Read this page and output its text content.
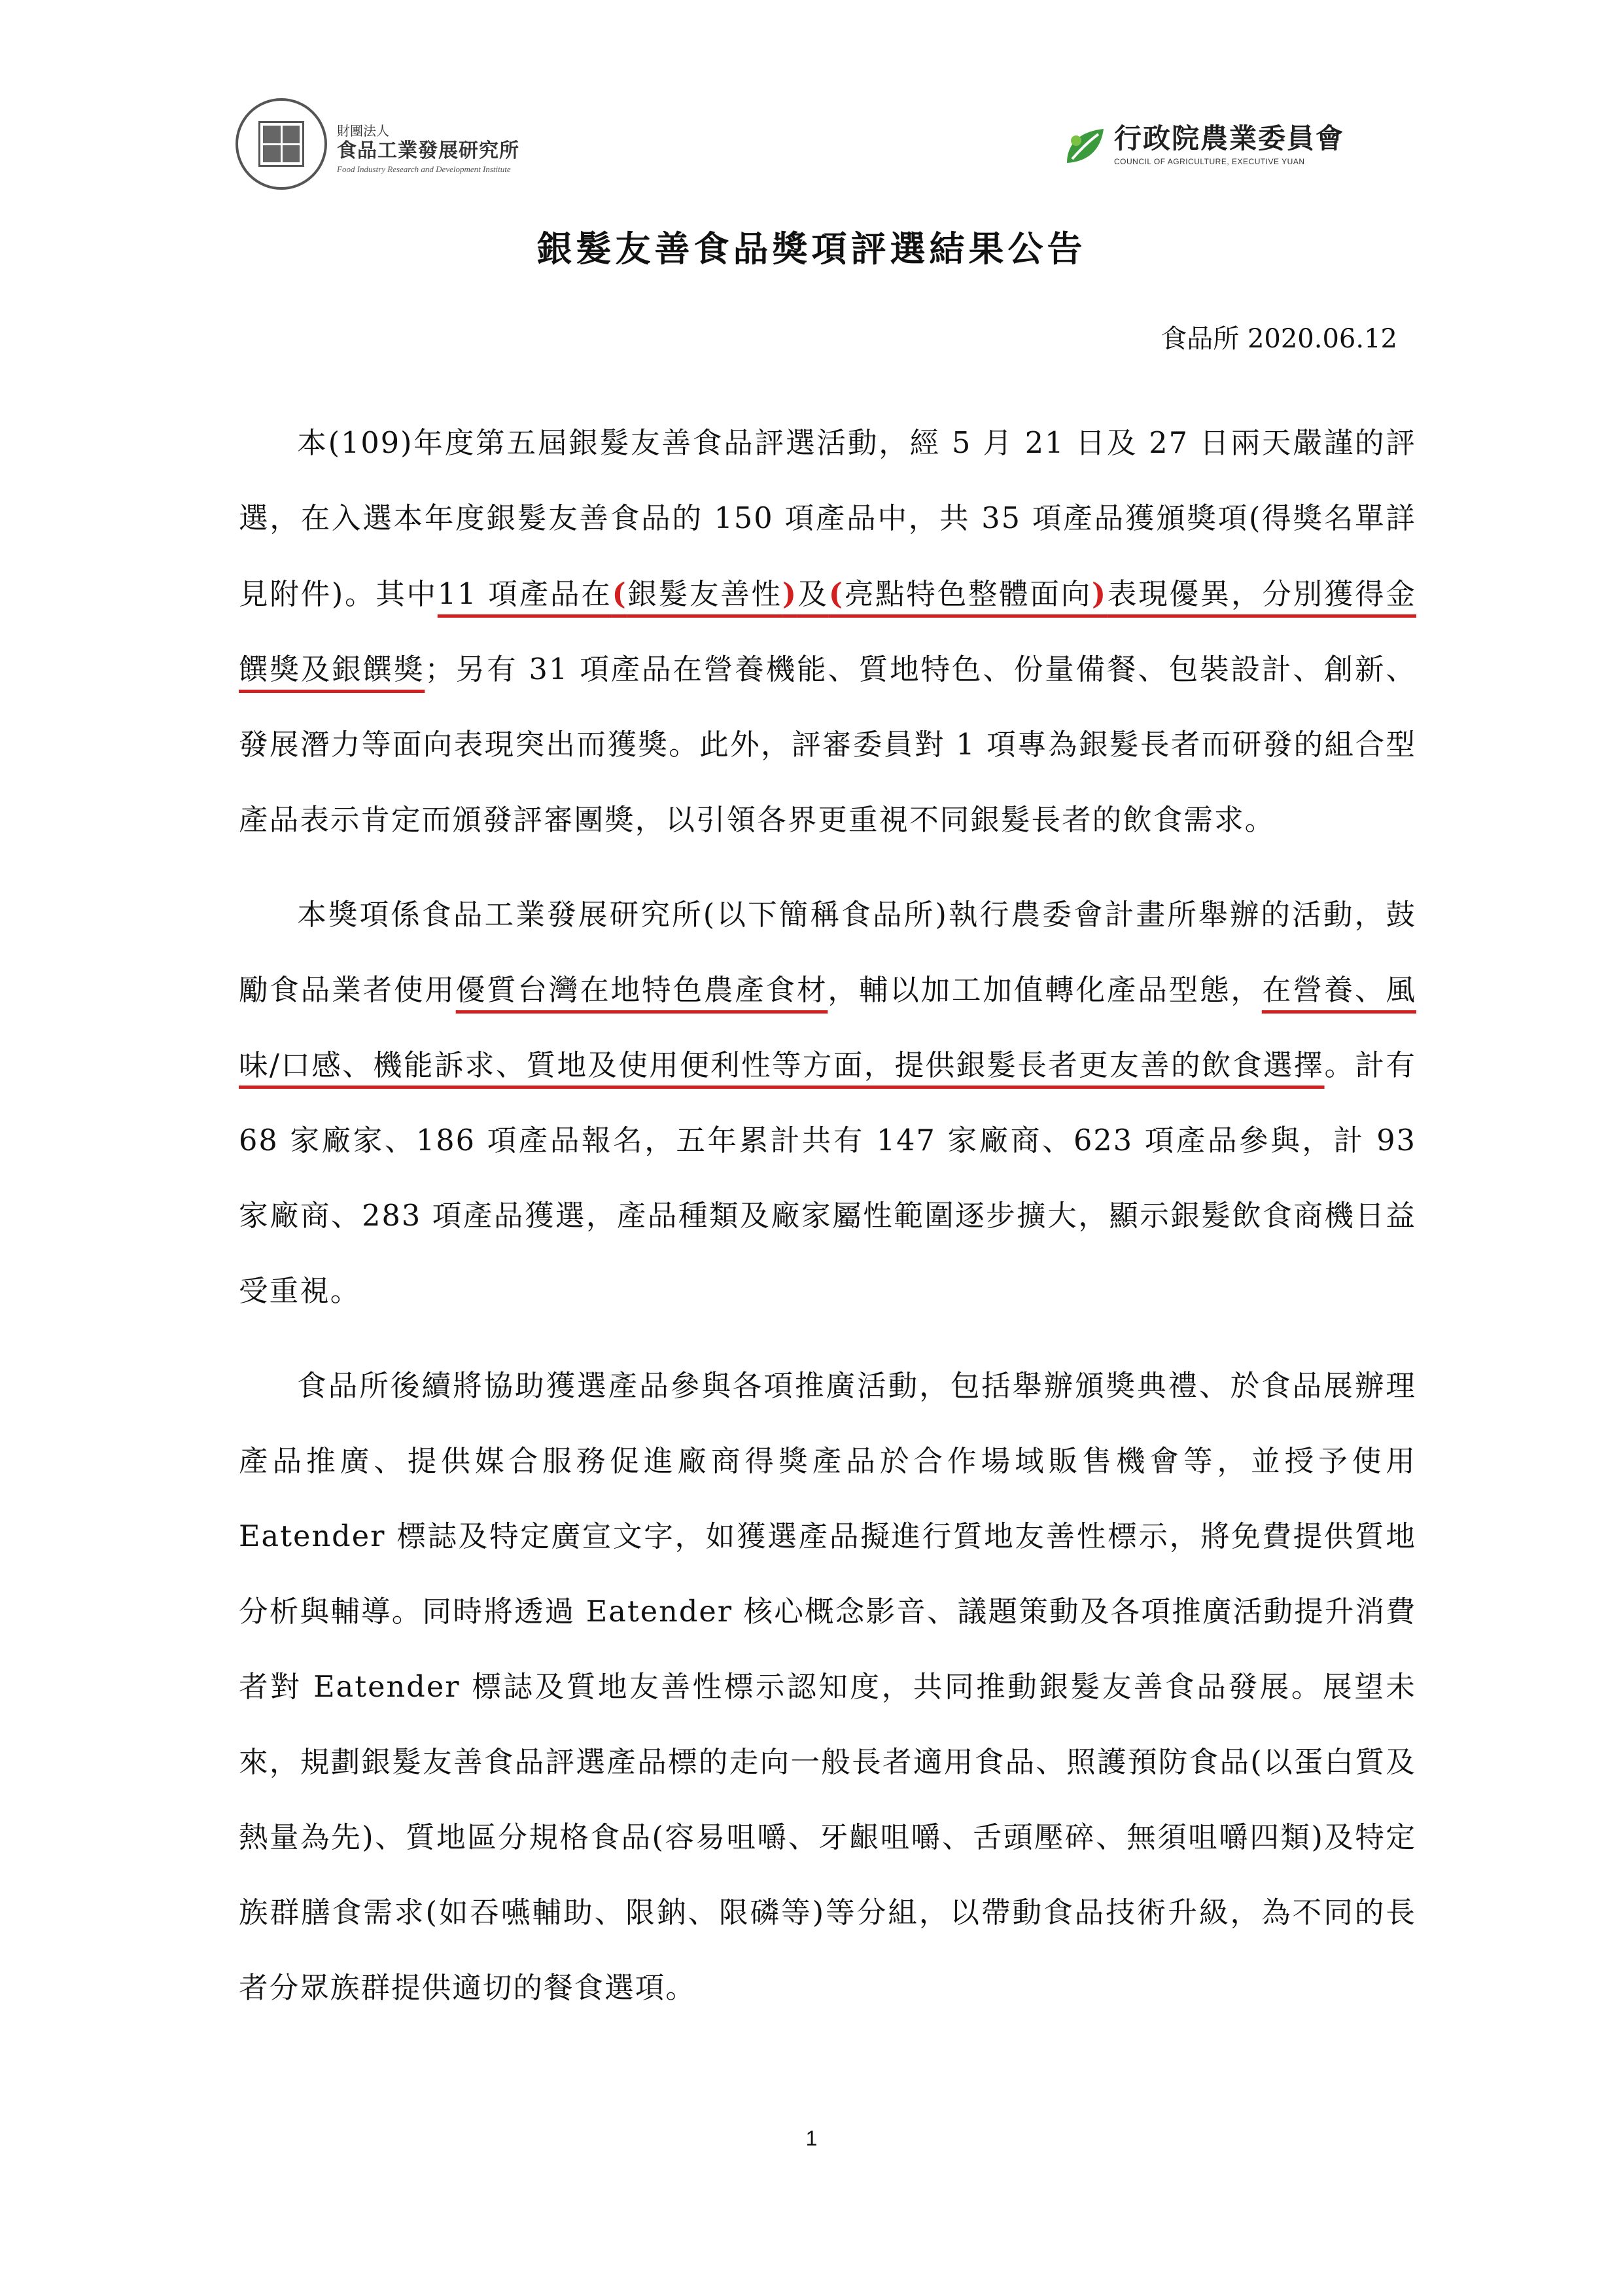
財團法人
食品工業發展研究所
Food Industry Research and Development Institute
行政院農業委員會
COUNCIL OF AGRICULTURE, EXECUTIVE YUAN
銀髮友善食品獎項評選結果公告
食品所 2020.06.12

本(109)年度第五屆銀髮友善食品評選活動，經 5 月 21 日及 27 日兩天嚴謹的評選，在入選本年度銀髮友善食品的 150 項產品中，共 35 項產品獲頒獎項(得獎名單詳見附件)。其中11 項產品在(銀髮友善性)及(亮點特色整體面向)表現優異，分別獲得金饌獎及銀饌獎；另有 31 項產品在營養機能、質地特色、份量備餐、包裝設計、創新、發展潛力等面向表現突出而獲獎。此外，評審委員對 1 項專為銀髮長者而研發的組合型產品表示肯定而頒發評審團獎，以引領各界更重視不同銀髮長者的飲食需求。

本獎項係食品工業發展研究所(以下簡稱食品所)執行農委會計畫所舉辦的活動，鼓勵食品業者使用優質台灣在地特色農產食材，輔以加工加值轉化產品型態，在營養、風味/口感、機能訴求、質地及使用便利性等方面，提供銀髮長者更友善的飲食選擇。計有 68 家廠家、186 項產品報名，五年累計共有 147 家廠商、623 項產品參與，計 93 家廠商、283 項產品獲選，產品種類及廠家屬性範圍逐步擴大，顯示銀髮飲食商機日益受重視。

食品所後續將協助獲選產品參與各項推廣活動，包括舉辦頒獎典禮、於食品展辦理產品推廣、提供媒合服務促進廠商得獎產品於合作場域販售機會等，並授予使用 Eatender 標誌及特定廣宣文字，如獲選產品擬進行質地友善性標示，將免費提供質地分析與輔導。同時將透過 Eatender 核心概念影音、議題策動及各項推廣活動提升消費者對 Eatender 標誌及質地友善性標示認知度，共同推動銀髮友善食品發展。展望未來，規劃銀髮友善食品評選產品標的走向一般長者適用食品、照護預防食品(以蛋白質及熱量為先)、質地區分規格食品(容易咀嚼、牙齦咀嚼、舌頭壓碎、無須咀嚼四類)及特定族群膳食需求(如吞嚥輔助、限鈉、限磷等)等分組，以帶動食品技術升級，為不同的長者分眾族群提供適切的餐食選項。

1
